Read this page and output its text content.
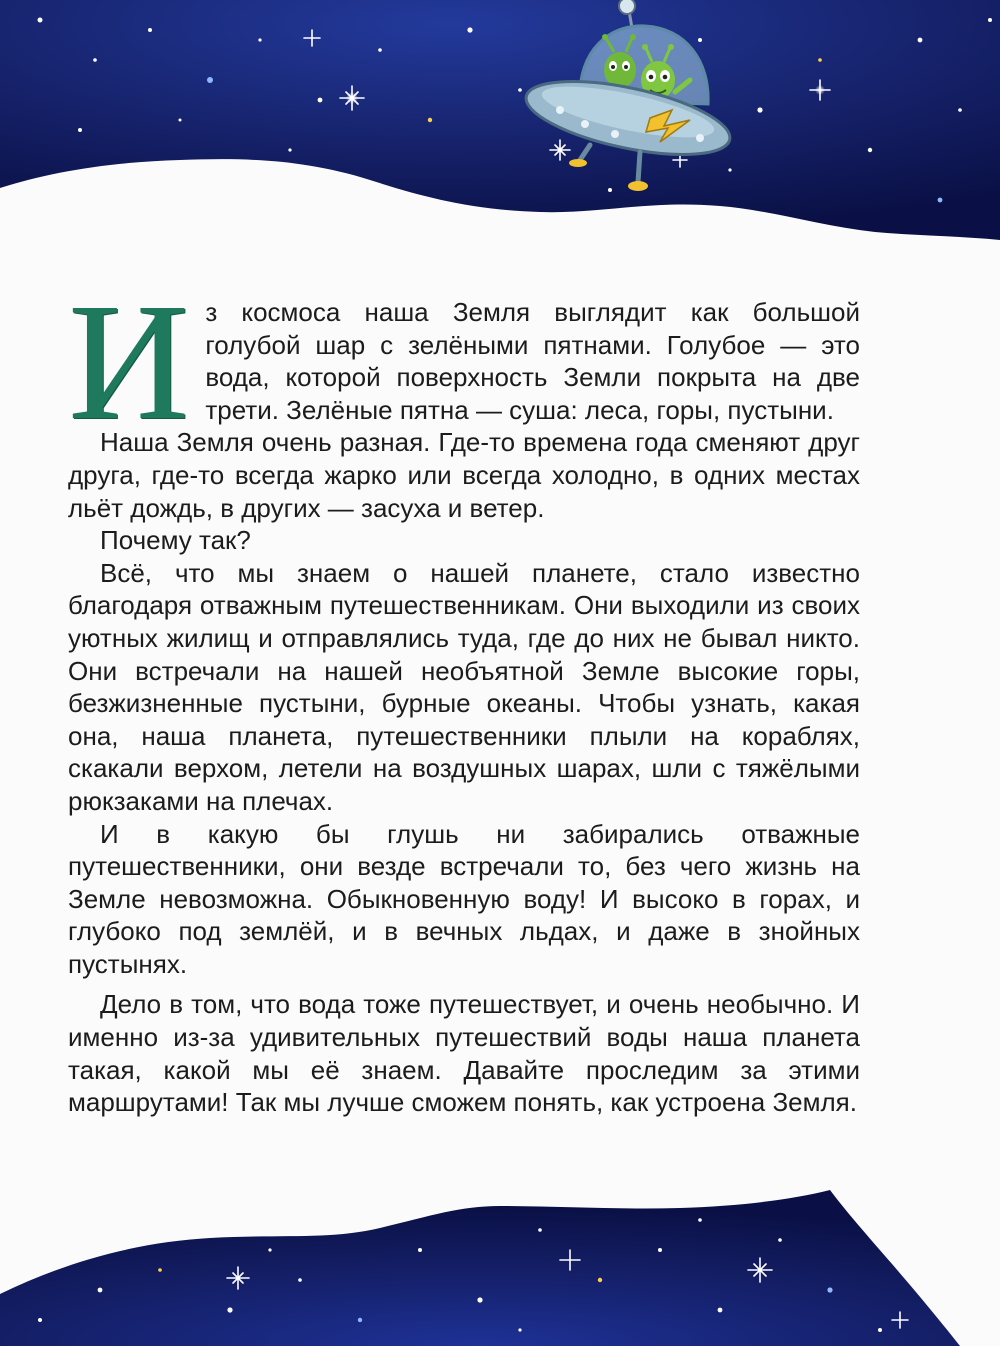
Из космоса наша Земля выглядит как большой голубой шар с зелёными пятнами. Голубое — это вода, которой поверхность Земли покрыта на две трети. Зелёные пятна — суша: леса, горы, пустыни.

Наша Земля очень разная. Где-то времена года сменяют друг друга, где-то всегда жарко или всегда холодно, в одних местах льёт дождь, в других — засуха и ветер.

Почему так?

Всё, что мы знаем о нашей планете, стало известно благодаря отважным путешественникам. Они выходили из своих уютных жилищ и отправлялись туда, где до них не бывал никто. Они встречали на нашей необъятной Земле высокие горы, безжизненные пустыни, бурные океаны. Чтобы узнать, какая она, наша планета, путешественники плыли на кораблях, скакали верхом, летели на воздушных шарах, шли с тяжёлыми рюкзаками на плечах.

И в какую бы глушь ни забирались отважные путешественники, они везде встречали то, без чего жизнь на Земле невозможна. Обыкновенную воду! И высоко в горах, и глубоко под землёй, и в вечных льдах, и даже в знойных пустынях.

Дело в том, что вода тоже путешествует, и очень необычно. И именно из-за удивительных путешествий воды наша планета такая, какой мы её знаем. Давайте проследим за этими маршрутами! Так мы лучше сможем понять, как устроена Земля.
